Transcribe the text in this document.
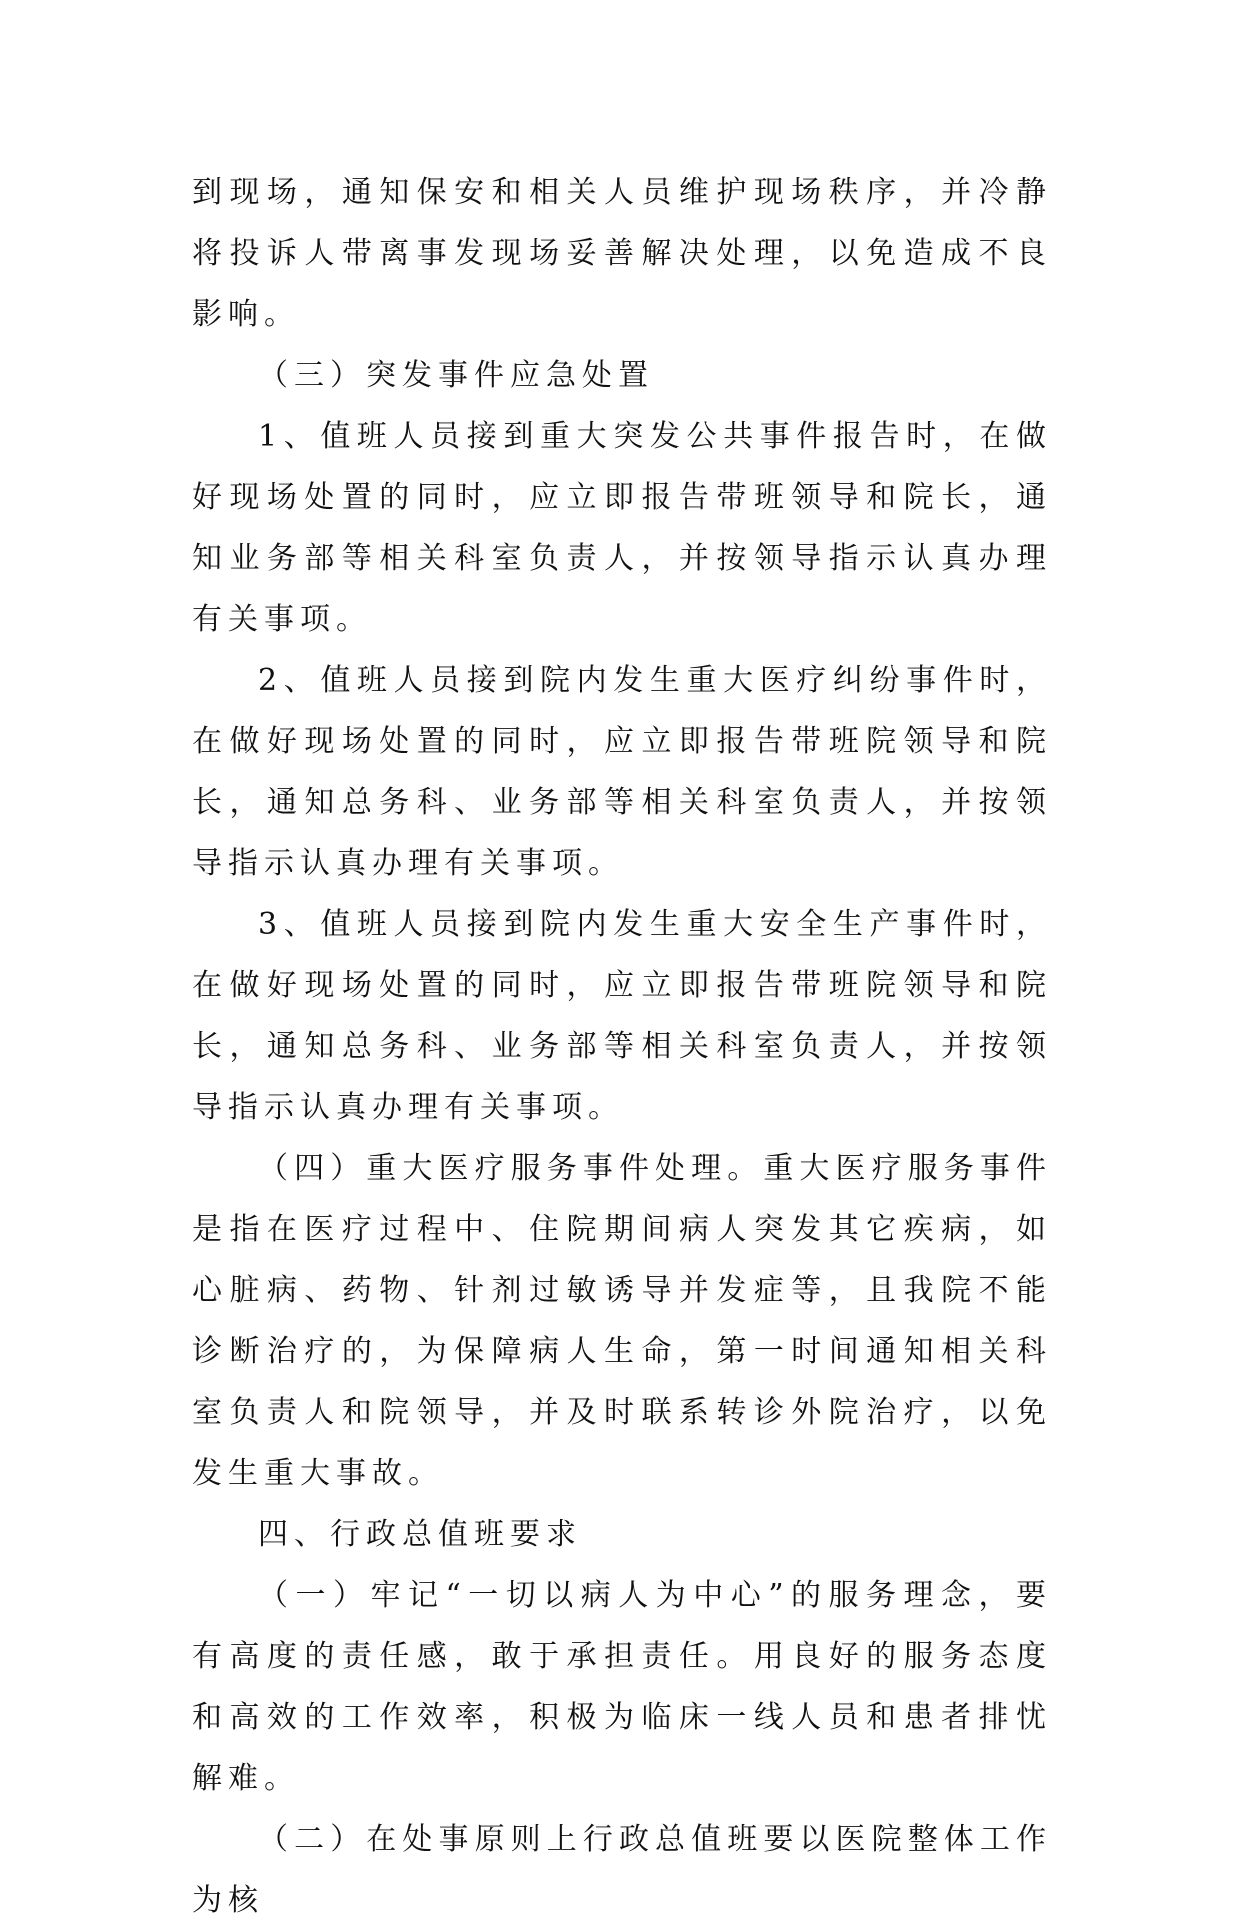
到现场，通知保安和相关人员维护现场秩序，并冷静将投诉人带离事发现场妥善解决处理，以免造成不良影响。

（三）突发事件应急处置

1、值班人员接到重大突发公共事件报告时，在做好现场处置的同时，应立即报告带班领导和院长，通知业务部等相关科室负责人，并按领导指示认真办理有关事项。

2、值班人员接到院内发生重大医疗纠纷事件时，在做好现场处置的同时，应立即报告带班院领导和院长，通知总务科、业务部等相关科室负责人，并按领导指示认真办理有关事项。

3、值班人员接到院内发生重大安全生产事件时，在做好现场处置的同时，应立即报告带班院领导和院长，通知总务科、业务部等相关科室负责人，并按领导指示认真办理有关事项。

（四）重大医疗服务事件处理。重大医疗服务事件是指在医疗过程中、住院期间病人突发其它疾病，如心脏病、药物、针剂过敏诱导并发症等，且我院不能诊断治疗的，为保障病人生命，第一时间通知相关科室负责人和院领导，并及时联系转诊外院治疗，以免发生重大事故。

四、行政总值班要求

（一）牢记“一切以病人为中心”的服务理念，要有高度的责任感，敢于承担责任。用良好的服务态度和高效的工作效率，积极为临床一线人员和患者排忧解难。

（二）在处事原则上行政总值班要以医院整体工作为核
